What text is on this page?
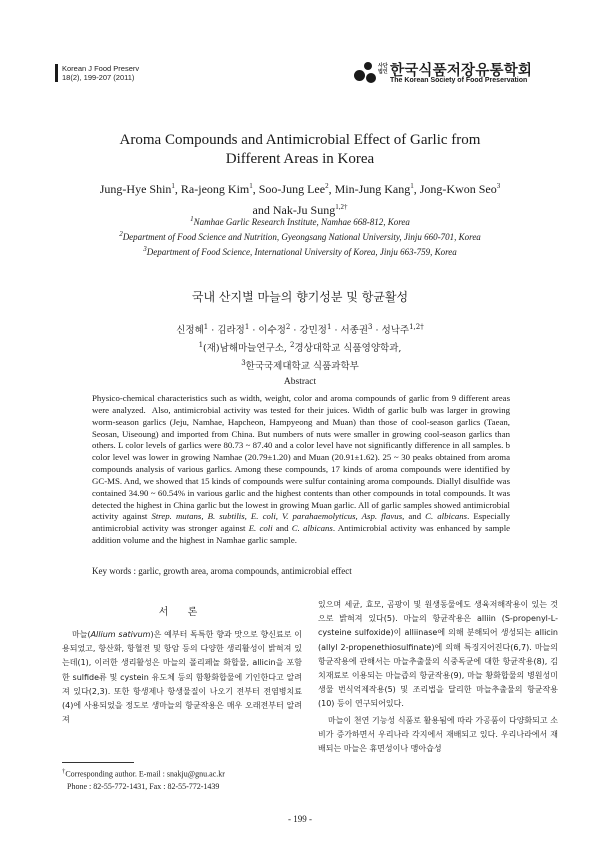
Korean J Food Preserv
18(2), 199-207 (2011)
사단법인 한국식품저장유통학회
The Korean Society of Food Preservation
Aroma Compounds and Antimicrobial Effect of Garlic from
Different Areas in Korea
Jung-Hye Shin$^1$, Ra-jeong Kim$^1$, Soo-Jung Lee$^2$, Min-Jung Kang$^1$, Jong-Kwon Seo$^3$
and Nak-Ju Sung$^{1,2\dagger}$
$^1$Namhae Garlic Research Institute, Namhae 668-812, Korea
$^2$Department of Food Science and Nutrition, Gyeongsang National University, Jinju 660-701, Korea
$^3$Department of Food Science, International University of Korea, Jinju 663-759, Korea
국내 산지별 마늘의 향기성분 및 항균활성
신정혜$^1$ · 김라정$^1$ · 이수정$^2$ · 강민정$^1$ · 서종권$^3$ · 성낙주$^{1,2\dagger}$
$^1$(재)남해마늘연구소, $^2$경상대학교 식품영양학과,
$^3$한국국제대학교 식품과학부
Abstract
Physico-chemical characteristics such as width, weight, color and aroma compounds of garlic from 9 different areas were analyzed. Also, antimicrobial activity was tested for their juices. Width of garlic bulb was larger in growing worm-season garlics (Jeju, Namhae, Hapcheon, Hampyeong and Muan) than those of cool-season garlics (Taean, Seosan, Uiseoung) and imported from China. But numbers of nuts were smaller in growing cool-season garlics than others. L color levels of garlics were 80.73 ~ 87.40 and a color level have not significantly difference in all samples. b color level was lower in growing Namhae (20.79±1.20) and Muan (20.91±1.62). 25 ~ 30 peaks obtained from aroma compounds analysis of various garlics. Among these compounds, 17 kinds of aroma compounds were identified by GC-MS. And, we showed that 15 kinds of compounds were sulfur containing aroma compounds. Diallyl disulfide was contained 34.90 ~ 60.54% in various garlic and the highest contents than other compounds in total compounds. It was detected the highest in China garlic but the lowest in growing Muan garlic. All of garlic samples showed antimicrobial activity against Strep. mutans, B. subtilis, E. coli, V. parahaemolyticus, Asp. flavus, and C. albicans. Especially antimicrobial activity was stronger against E. coli and C. albicans. Antimicrobial activity was enhanced by sample addition volume and the highest in Namhae garlic sample.
Key words : garlic, growth area, aroma compounds, antimicrobial effect
서 론

마늘(Allium sativum)은 예부터 독특한 향과 맛으로 향신료로 이용되었고, 항산화, 항혈전 및 항암 등의 다양한 생리활성이 밝혀져 있는데(1), 이러한 생리활성은 마늘의 폴리페놀 화합물, allicin을 포함한 sulfide류 및 cystein 유도체 등의 함황화합물에 기인한다고 알려져 있다(2,3). 또한 항생제나 항생물질이 나오기 전부터 전염병치료(4)에 사용되었을 정도로 생마늘의 항균작용은 매우 오래전부터 알려져

있으며 세균, 효모, 곰팡이 및 원생동물에도 생육저해작용이 있는 것으로 밝혀져 있다(5). 마늘의 항균작용은 alliin (S-propenyl-L-cysteine sulfoxide)이 alliinase에 의해 분해되어 생성되는 allicin (allyl 2-propenethiosulfinate)에 의해 특징지어진다(6,7). 마늘의 항균작용에 관해서는 마늘추출물의 식중독균에 대한 항균작용(8), 김치재료로 이용되는 마늘즙의 항균작용(9), 마늘 황화합물의 병원성미생물 번식억제작용(5) 및 조리법을 달리한 마늘추출물의 항균작용(10) 등이 연구되어있다.

마늘이 천연 기능성 식품로 활용됨에 따라 가공품이 다양화되고 소비가 증가하면서 우리나라 각지에서 재배되고 있다. 우리나라에서 재배되는 마늘은 휴면성이나 맹아습성

†Corresponding author. E-mail : snakju@gnu.ac.kr
Phone : 82-55-772-1431, Fax : 82-55-772-1439
- 199 -
